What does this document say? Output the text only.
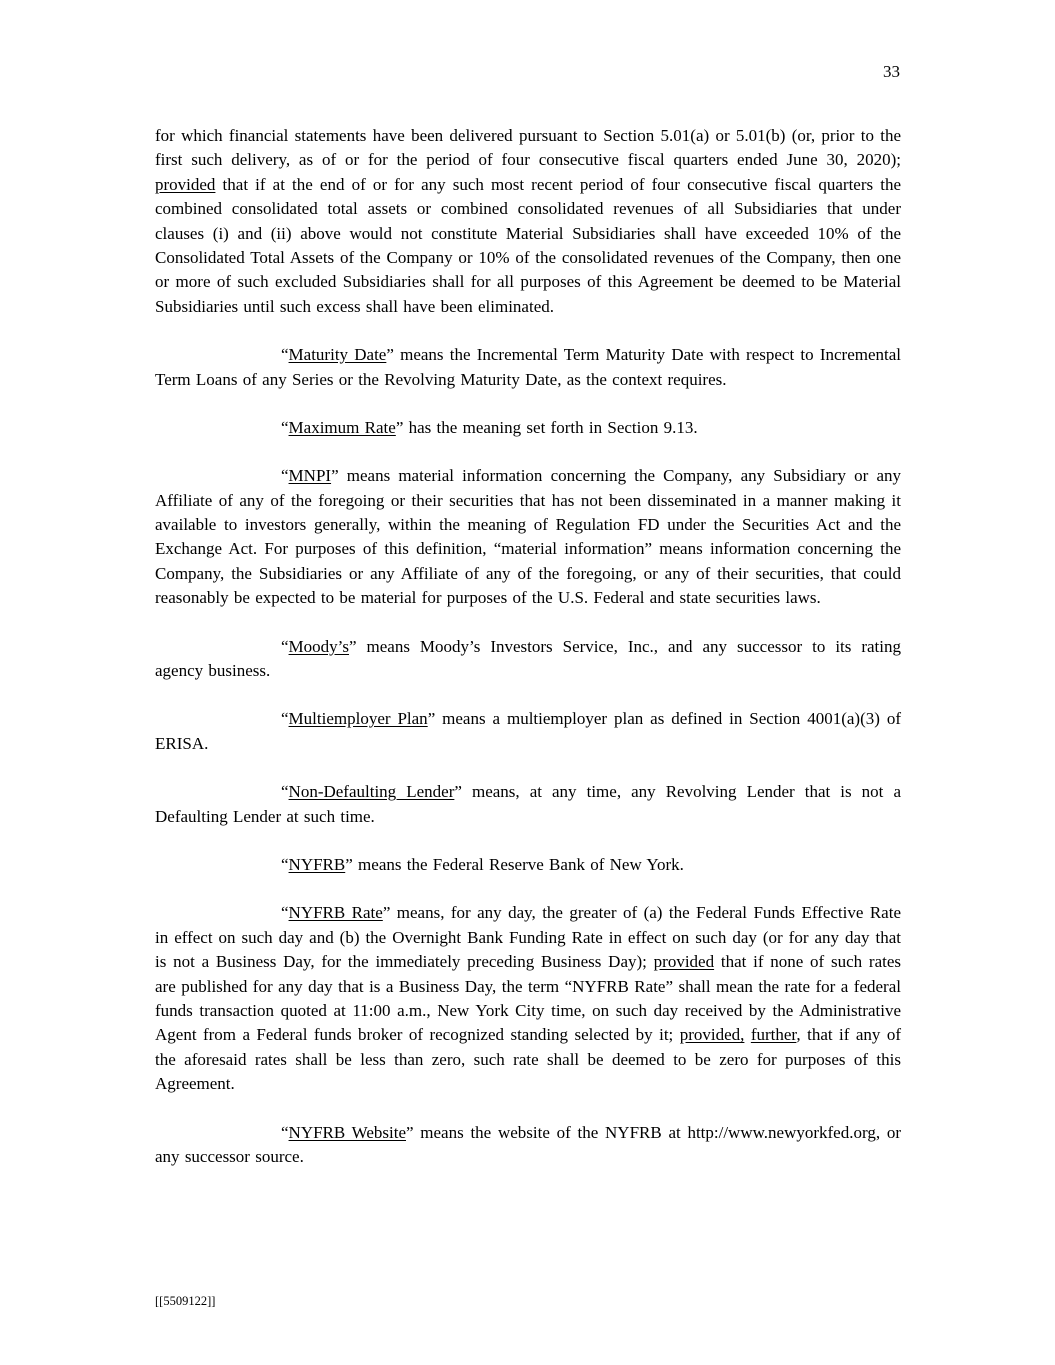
33

for which financial statements have been delivered pursuant to Section 5.01(a) or 5.01(b) (or, prior to the first such delivery, as of or for the period of four consecutive fiscal quarters ended June 30, 2020); provided that if at the end of or for any such most recent period of four consecutive fiscal quarters the combined consolidated total assets or combined consolidated revenues of all Subsidiaries that under clauses (i) and (ii) above would not constitute Material Subsidiaries shall have exceeded 10% of the Consolidated Total Assets of the Company or 10% of the consolidated revenues of the Company, then one or more of such excluded Subsidiaries shall for all purposes of this Agreement be deemed to be Material Subsidiaries until such excess shall have been eliminated.

“Maturity Date” means the Incremental Term Maturity Date with respect to Incremental Term Loans of any Series or the Revolving Maturity Date, as the context requires.

“Maximum Rate” has the meaning set forth in Section 9.13.

“MNPI” means material information concerning the Company, any Subsidiary or any Affiliate of any of the foregoing or their securities that has not been disseminated in a manner making it available to investors generally, within the meaning of Regulation FD under the Securities Act and the Exchange Act. For purposes of this definition, “material information” means information concerning the Company, the Subsidiaries or any Affiliate of any of the foregoing, or any of their securities, that could reasonably be expected to be material for purposes of the U.S. Federal and state securities laws.

“Moody’s” means Moody’s Investors Service, Inc., and any successor to its rating agency business.

“Multiemployer Plan” means a multiemployer plan as defined in Section 4001(a)(3) of ERISA.

“Non-Defaulting Lender” means, at any time, any Revolving Lender that is not a Defaulting Lender at such time.

“NYFRB” means the Federal Reserve Bank of New York.

“NYFRB Rate” means, for any day, the greater of (a) the Federal Funds Effective Rate in effect on such day and (b) the Overnight Bank Funding Rate in effect on such day (or for any day that is not a Business Day, for the immediately preceding Business Day); provided that if none of such rates are published for any day that is a Business Day, the term “NYFRB Rate” shall mean the rate for a federal funds transaction quoted at 11:00 a.m., New York City time, on such day received by the Administrative Agent from a Federal funds broker of recognized standing selected by it; provided, further, that if any of the aforesaid rates shall be less than zero, such rate shall be deemed to be zero for purposes of this Agreement.

“NYFRB Website” means the website of the NYFRB at http://www.newyorkfed.org, or any successor source.

[[5509122]]
